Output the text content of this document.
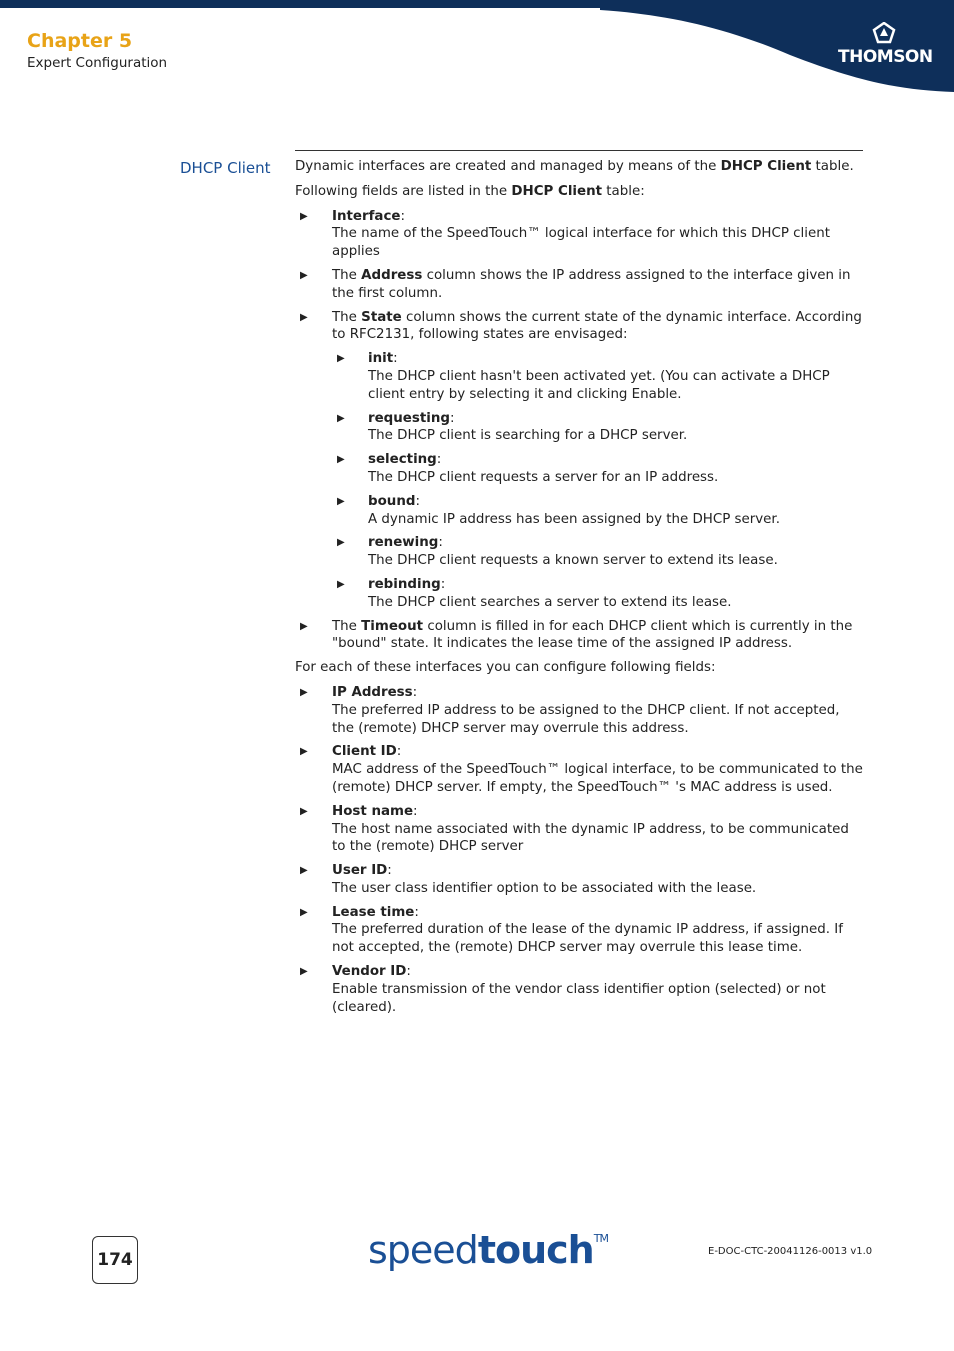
Chapter 5
Expert Configuration	THOMSON
DHCP Client Dynamic interfaces are created and managed by means of the DHCP Client table.

Following fields are listed in the DHCP Client table:

▶ Interface:
The name of the SpeedTouch™ logical interface for which this DHCP client applies
▶ The Address column shows the IP address assigned to the interface given in the first column.
▶ The State column shows the current state of the dynamic interface. According to RFC2131, following states are envisaged:
▶ init:
The DHCP client hasn't been activated yet. (You can activate a DHCP client entry by selecting it and clicking Enable.
▶ requesting:
The DHCP client is searching for a DHCP server.
▶ selecting:
The DHCP client requests a server for an IP address.
▶ bound:
A dynamic IP address has been assigned by the DHCP server.
▶ renewing:
The DHCP client requests a known server to extend its lease.
▶ rebinding:
The DHCP client searches a server to extend its lease.
▶ The Timeout column is filled in for each DHCP client which is currently in the "bound" state. It indicates the lease time of the assigned IP address.

For each of these interfaces you can configure following fields:

▶ IP Address:
The preferred IP address to be assigned to the DHCP client. If not accepted, the (remote) DHCP server may overrule this address.
▶ Client ID:
MAC address of the SpeedTouch™ logical interface, to be communicated to the (remote) DHCP server. If empty, the SpeedTouch™ 's MAC address is used.
▶ Host name:
The host name associated with the dynamic IP address, to be communicated to the (remote) DHCP server
▶ User ID:
The user class identifier option to be associated with the lease.
▶ Lease time:
The preferred duration of the lease of the dynamic IP address, if assigned. If not accepted, the (remote) DHCP server may overrule this lease time.
▶ Vendor ID:
Enable transmission of the vendor class identifier option (selected) or not (cleared).
174	speedtouch™
E-DOC-CTC-20041126-0013 v1.0
